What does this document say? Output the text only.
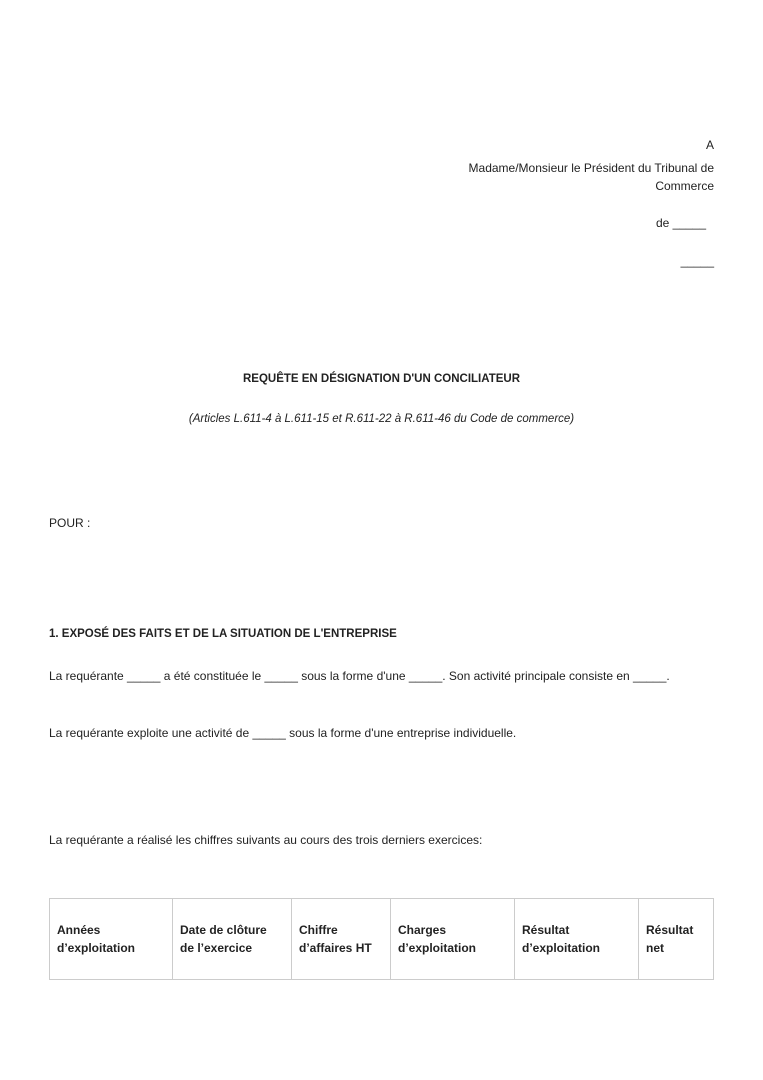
A
Madame/Monsieur le Président du Tribunal de
Commerce
de _____
_____
REQUÊTE EN DÉSIGNATION D'UN CONCILIATEUR
(Articles L.611-4 à L.611-15 et R.611-22 à R.611-46 du Code de commerce)
POUR :
1. EXPOSÉ DES FAITS ET DE LA SITUATION DE L'ENTREPRISE
La requérante _____ a été constituée le _____ sous la forme d'une _____. Son activité principale consiste en _____.
La requérante exploite une activité de _____ sous la forme d'une entreprise individuelle.
La requérante a réalisé les chiffres suivants au cours des trois derniers exercices:
Années d’exploitation	Date de clôture de l’exercice	Chiffre d’affaires HT	Charges d’exploitation	Résultat d’exploitation	Résultat net
